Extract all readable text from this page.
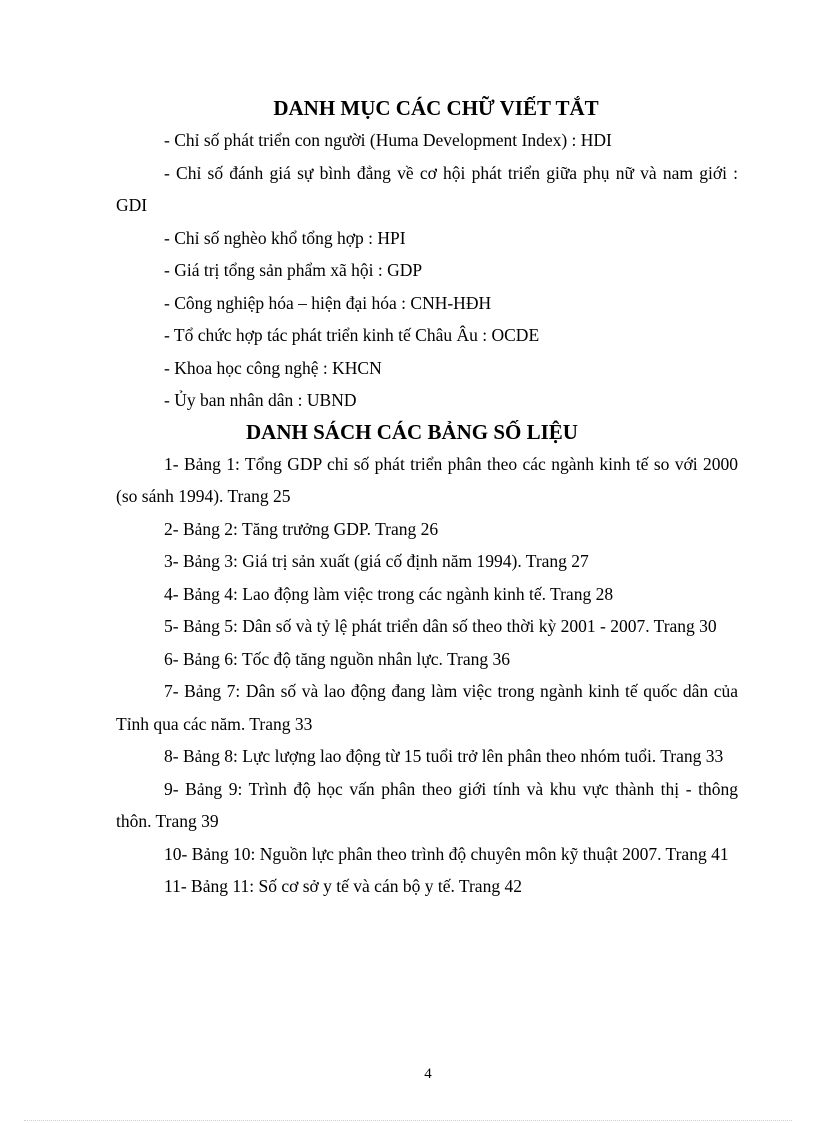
DANH MỤC CÁC CHỮ VIẾT TẮT

- Chỉ số phát triển con người (Huma Development Index) : HDI

- Chỉ số đánh giá sự bình đẳng về cơ hội phát triển giữa phụ nữ và nam giới : GDI

- Chỉ số nghèo khổ tổng hợp : HPI

- Giá trị tổng sản phẩm xã hội : GDP

- Công nghiệp hóa – hiện đại hóa : CNH-HĐH

- Tổ chức hợp tác phát triển kinh tế Châu Âu : OCDE

- Khoa học công nghệ : KHCN

- Ủy ban nhân dân : UBND

DANH SÁCH CÁC BẢNG SỐ LIỆU

1- Bảng 1: Tổng GDP chỉ số phát triển phân theo các ngành kinh tế so với 2000 (so sánh 1994). Trang 25

2- Bảng 2: Tăng trưởng GDP. Trang 26

3- Bảng 3: Giá trị sản xuất (giá cố định năm 1994). Trang 27

4- Bảng 4: Lao động làm việc trong các ngành kinh tế. Trang 28

5- Bảng 5: Dân số và tỷ lệ phát triển dân số theo thời kỳ 2001 - 2007. Trang 30

6- Bảng 6: Tốc độ tăng nguồn nhân lực. Trang 36

7- Bảng 7: Dân số và lao động đang làm việc trong ngành kinh tế quốc dân của Tỉnh qua các năm. Trang 33

8- Bảng 8: Lực lượng lao động từ 15 tuổi trở lên phân theo nhóm tuổi. Trang 33

9- Bảng 9: Trình độ học vấn phân theo giới tính và khu vực thành thị - thông thôn. Trang 39

10- Bảng 10: Nguồn lực phân theo trình độ chuyên môn kỹ thuật 2007. Trang 41

11- Bảng 11: Số cơ sở y tế và cán bộ y tế. Trang 42

4
